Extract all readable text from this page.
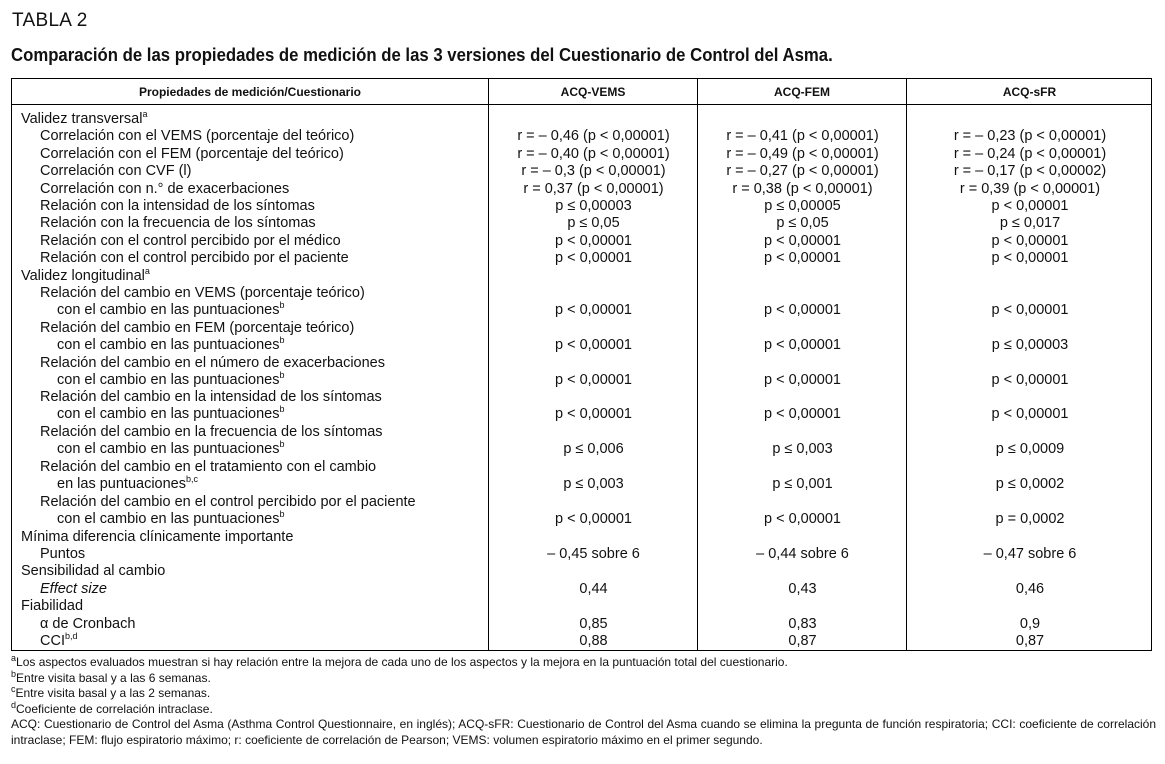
TABLA 2
Comparación de las propiedades de medición de las 3 versiones del Cuestionario de Control del Asma.
Propiedades de medición/Cuestionario	ACQ-VEMS	ACQ-FEM	ACQ-sFR
Validez transversal$^a$
Correlación con el VEMS (porcentaje del teórico)	r = – 0,46 (p < 0,00001)	r = – 0,41 (p < 0,00001)	r = – 0,23 (p < 0,00001)
Correlación con el FEM (porcentaje del teórico)	r = – 0,40 (p < 0,00001)	r = – 0,49 (p < 0,00001)	r = – 0,24 (p < 0,00001)
Correlación con CVF (l)	r = – 0,3 (p < 0,00001)	r = – 0,27 (p < 0,00001)	r = – 0,17 (p < 0,00002)
Correlación con n.° de exacerbaciones	r = 0,37 (p < 0,00001)	r = 0,38 (p < 0,00001)	r = 0,39 (p < 0,00001)
Relación con la intensidad de los síntomas	p ≤ 0,00003	p ≤ 0,00005	p < 0,00001
Relación con la frecuencia de los síntomas	p ≤ 0,05	p ≤ 0,05	p ≤ 0,017
Relación con el control percibido por el médico	p < 0,00001	p < 0,00001	p < 0,00001
Relación con el control percibido por el paciente	p < 0,00001	p < 0,00001	p < 0,00001
Validez longitudinal$^a$
Relación del cambio en VEMS (porcentaje teórico)
con el cambio en las puntuaciones$^b$	p < 0,00001	p < 0,00001	p < 0,00001
Relación del cambio en FEM (porcentaje teórico)
con el cambio en las puntuaciones$^b$	p < 0,00001	p < 0,00001	p ≤ 0,00003
Relación del cambio en el número de exacerbaciones
con el cambio en las puntuaciones$^b$	p < 0,00001	p < 0,00001	p < 0,00001
Relación del cambio en la intensidad de los síntomas
con el cambio en las puntuaciones$^b$	p < 0,00001	p < 0,00001	p < 0,00001
Relación del cambio en la frecuencia de los síntomas
con el cambio en las puntuaciones$^b$	p ≤ 0,006	p ≤ 0,003	p ≤ 0,0009
Relación del cambio en el tratamiento con el cambio
en las puntuaciones$^{b,c}$	p ≤ 0,003	p ≤ 0,001	p ≤ 0,0002
Relación del cambio en el control percibido por el paciente
con el cambio en las puntuaciones$^b$	p < 0,00001	p < 0,00001	p = 0,0002
Mínima diferencia clínicamente importante
Puntos	– 0,45 sobre 6	– 0,44 sobre 6	– 0,47 sobre 6
Sensibilidad al cambio
Effect size	0,44	0,43	0,46
Fiabilidad
α de Cronbach	0,85	0,83	0,9
CCI$^{b,d}$	0,88	0,87	0,87
$^a$Los aspectos evaluados muestran si hay relación entre la mejora de cada uno de los aspectos y la mejora en la puntuación total del cuestionario.
$^b$Entre visita basal y a las 6 semanas.
$^c$Entre visita basal y a las 2 semanas.
$^d$Coeficiente de correlación intraclase.
ACQ: Cuestionario de Control del Asma (Asthma Control Questionnaire, en inglés); ACQ-sFR: Cuestionario de Control del Asma cuando se elimina la pregunta de función respiratoria; CCI: coeficiente de correlación intraclase; FEM: flujo espiratorio máximo; r: coeficiente de correlación de Pearson; VEMS: volumen espiratorio máximo en el primer segundo.
